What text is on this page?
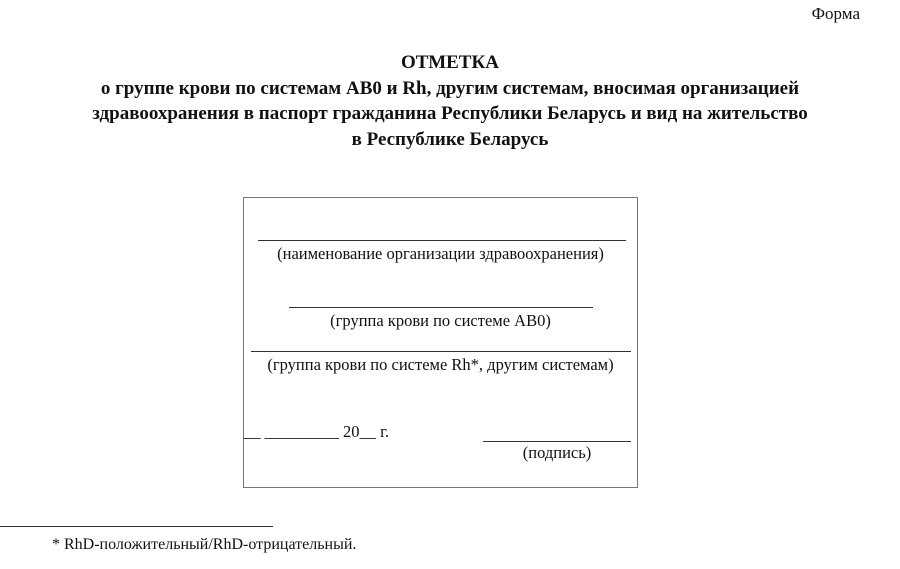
Форма
ОТМЕТКА
о группе крови по системам АВ0 и Rh, другим системам, вносимая организацией
здравоохранения в паспорт гражданина Республики Беларусь и вид на жительство
в Республике Беларусь
(наименование организации здравоохранения)
(группа крови по системе АВ0)
(группа крови по системе Rh*, другим системам)
__ _________ 20__ г.
(подпись)
* RhD-положительный/RhD-отрицательный.
